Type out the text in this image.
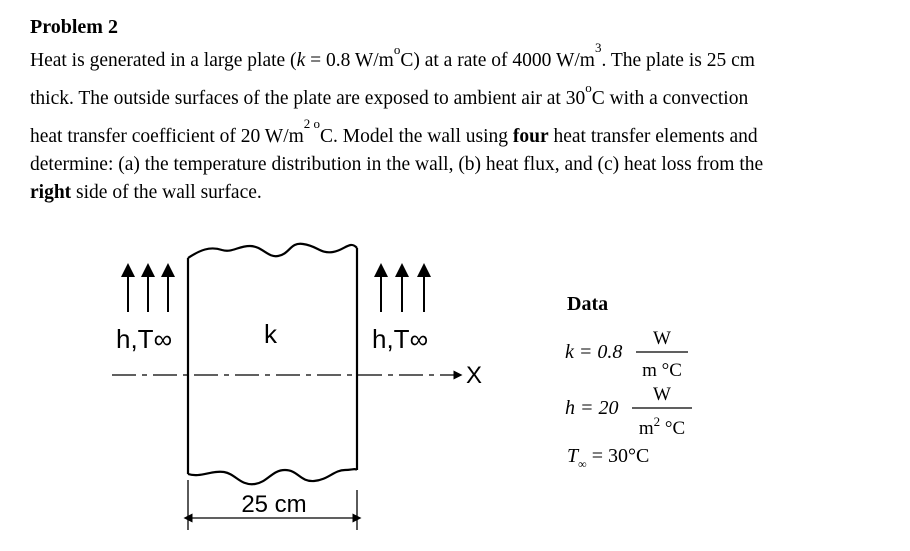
Problem 2
Heat is generated in a large plate (k = 0.8 $W/m^oC$) at a rate of 4000 $W/m^3$. The plate is 25 cm
thick. The outside surfaces of the plate are exposed to ambient air at 30$^o$C with a convection
heat transfer coefficient of 20 $W/m^{2 o}C$. Model the wall using four heat transfer elements and
determine: (a) the temperature distribution in the wall, (b) heat flux, and (c) heat loss from the
right side of the wall surface.
h,T∞	k	h,T∞
X
25 cm
Data
k = 0.8
W
m °C
h = 20
W
$m^2$ °C
$T_\infty = 30^\circ C$
